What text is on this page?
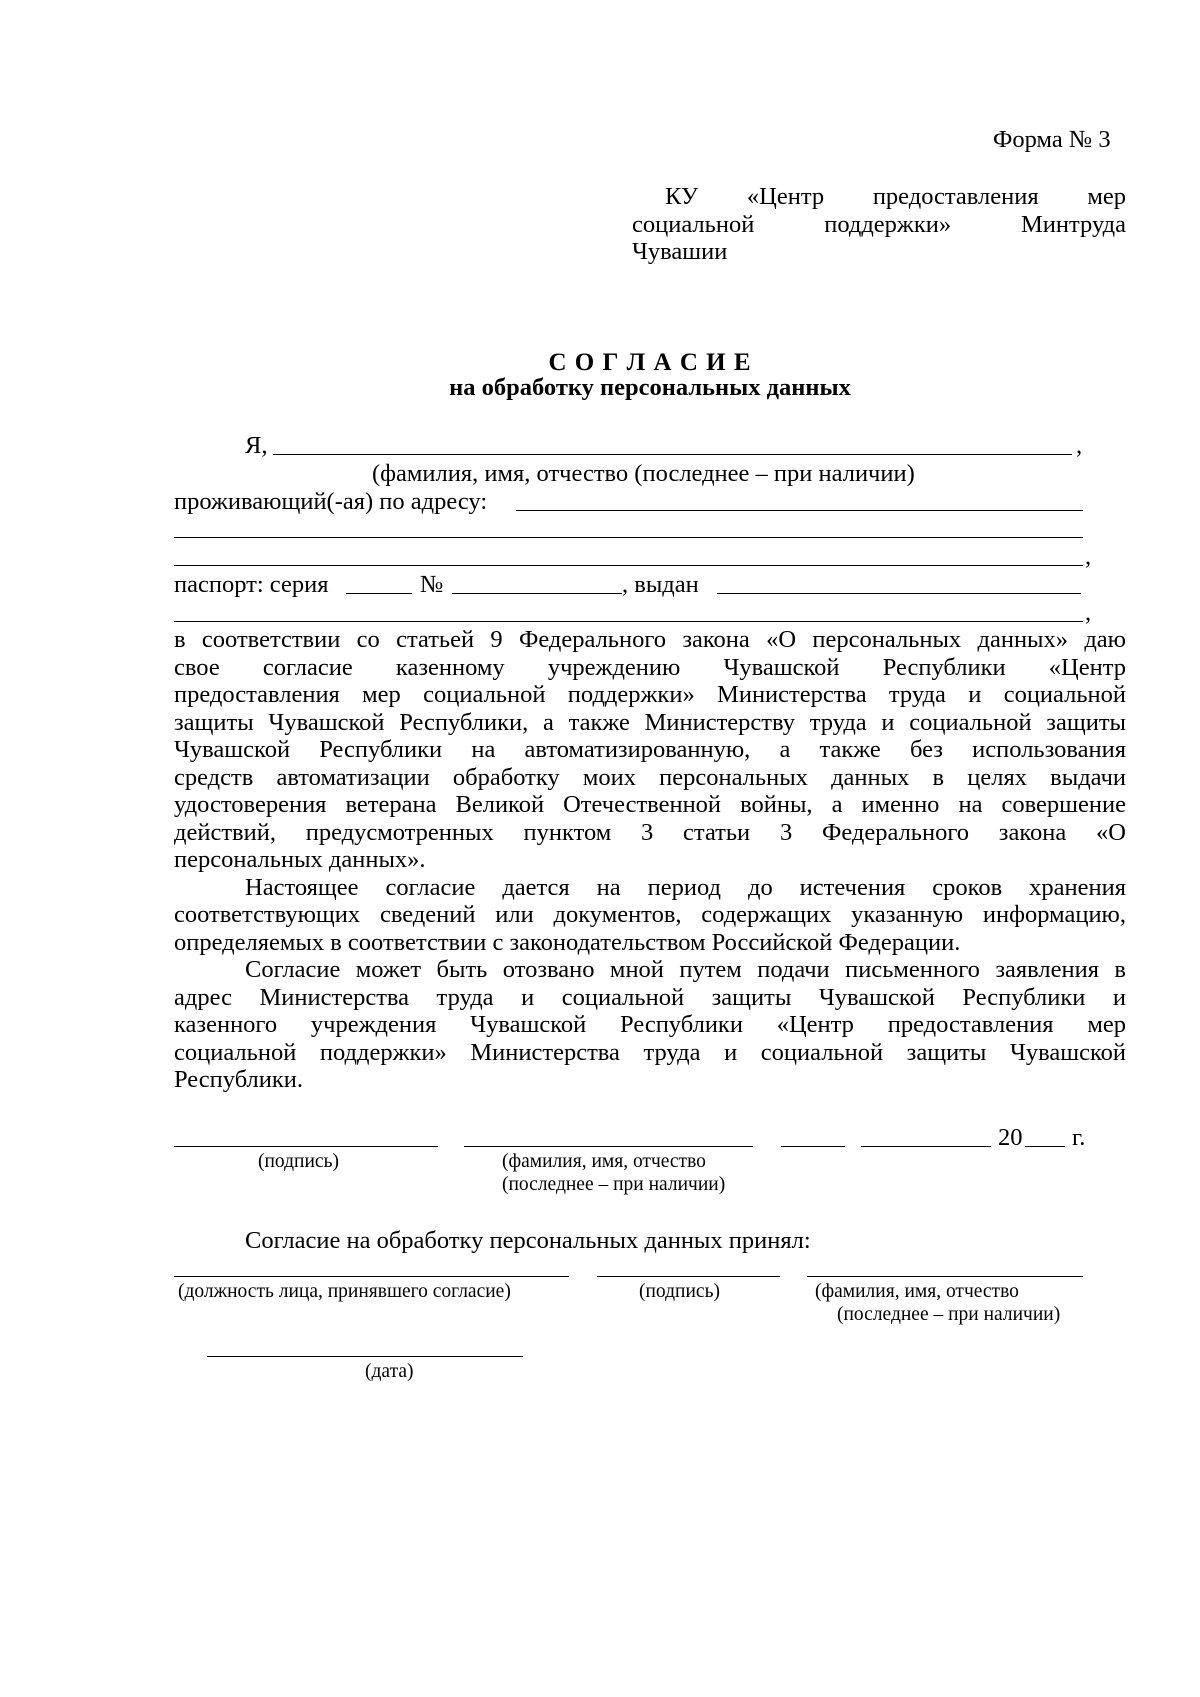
Форма № 3
КУ «Центр предоставления мер
социальной поддержки» Минтруда
Чувашии
С О Г Л А С И Е
на обработку персональных данных
Я,	,
(фамилия, имя, отчество (последнее – при наличии)
проживающий(-ая) по адресу:
,
паспорт: серия	№	, выдан
,
в соответствии со статьей 9 Федерального закона «О персональных данных» даю
свое согласие казенному учреждению Чувашской Республики «Центр
предоставления мер социальной поддержки» Министерства труда и социальной
защиты Чувашской Республики, а также Министерству труда и социальной защиты
Чувашской Республики на автоматизированную, а также без использования
средств автоматизации обработку моих персональных данных в целях выдачи
удостоверения ветерана Великой Отечественной войны, а именно на совершение
действий, предусмотренных пунктом 3 статьи 3 Федерального закона «О
персональных данных».
Настоящее согласие дается на период до истечения сроков хранения
соответствующих сведений или документов, содержащих указанную информацию,
определяемых в соответствии с законодательством Российской Федерации.
Согласие может быть отозвано мной путем подачи письменного заявления в
адрес Министерства труда и социальной защиты Чувашской Республики и
казенного учреждения Чувашской Республики «Центр предоставления мер
социальной поддержки» Министерства труда и социальной защиты Чувашской
Республики.
20 г.
(подпись)	(фамилия, имя, отчество
(последнее – при наличии)
Согласие на обработку персональных данных принял:
(должность лица, принявшего согласие)	(подпись)	(фамилия, имя, отчество
(последнее – при наличии)
(дата)
